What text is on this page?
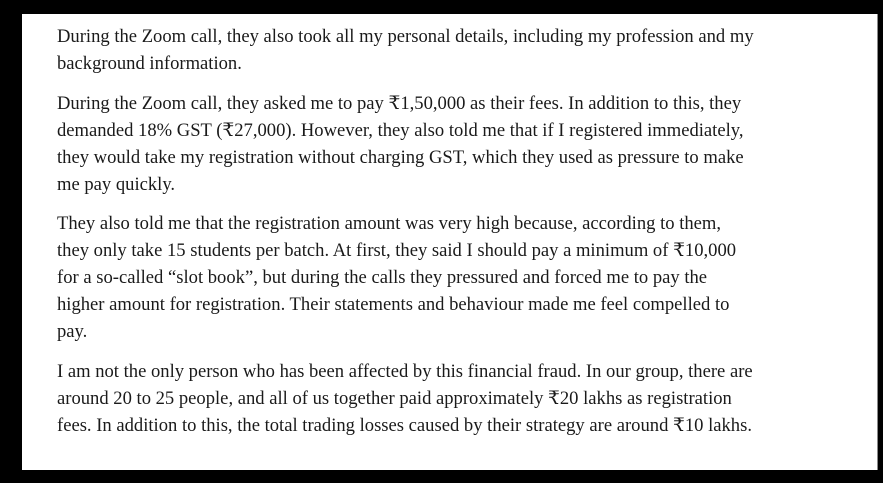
During the Zoom call, they also took all my personal details, including my profession and my
background information.

During the Zoom call, they asked me to pay ₹1,50,000 as their fees. In addition to this, they
demanded 18% GST (₹27,000). However, they also told me that if I registered immediately,
they would take my registration without charging GST, which they used as pressure to make
me pay quickly.

They also told me that the registration amount was very high because, according to them,
they only take 15 students per batch. At first, they said I should pay a minimum of ₹10,000
for a so-called “slot book”, but during the calls they pressured and forced me to pay the
higher amount for registration. Their statements and behaviour made me feel compelled to
pay.

I am not the only person who has been affected by this financial fraud. In our group, there are
around 20 to 25 people, and all of us together paid approximately ₹20 lakhs as registration
fees. In addition to this, the total trading losses caused by their strategy are around ₹10 lakhs.
